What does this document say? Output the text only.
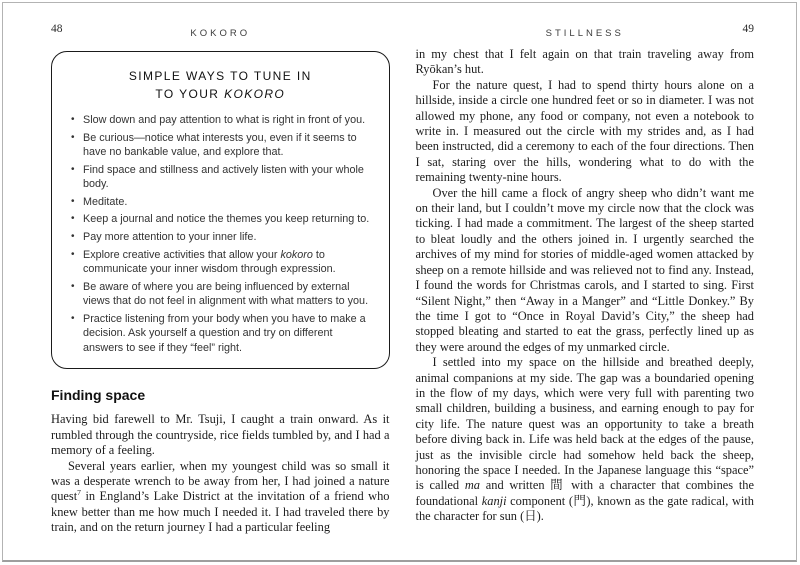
48	KOKORO
SIMPLE WAYS TO TUNE IN
TO YOUR KOKORO
• Slow down and pay attention to what is right in front of you.
• Be curious—notice what interests you, even if it seems to have no bankable value, and explore that.
• Find space and stillness and actively listen with your whole body.
• Meditate.
• Keep a journal and notice the themes you keep returning to.
• Pay more attention to your inner life.
• Explore creative activities that allow your kokoro to communicate your inner wisdom through expression.
• Be aware of where you are being influenced by external views that do not feel in alignment with what matters to you.
• Practice listening from your body when you have to make a decision. Ask yourself a question and try on different answers to see if they “feel” right.
Finding space

Having bid farewell to Mr. Tsuji, I caught a train onward. As it rumbled through the countryside, rice fields tumbled by, and I had a memory of a feeling.

Several years earlier, when my youngest child was so small it was a desperate wrench to be away from her, I had joined a nature quest$^7$ in England’s Lake District at the invitation of a friend who knew better than me how much I needed it. I had traveled there by train, and on the return journey I had a particular feeling

STILLNESS	49

in my chest that I felt again on that train traveling away from Ryōkan’s hut.

For the nature quest, I had to spend thirty hours alone on a hillside, inside a circle one hundred feet or so in diameter. I was not allowed my phone, any food or company, not even a notebook to write in. I measured out the circle with my strides and, as I had been instructed, did a ceremony to each of the four directions. Then I sat, staring over the hills, wondering what to do with the remaining twenty-nine hours.

Over the hill came a flock of angry sheep who didn’t want me on their land, but I couldn’t move my circle now that the clock was ticking. I had made a commitment. The largest of the sheep started to bleat loudly and the others joined in. I urgently searched the archives of my mind for stories of middle-aged women attacked by sheep on a remote hillside and was relieved not to find any. Instead, I found the words for Christmas carols, and I started to sing. First “Silent Night,” then “Away in a Manger” and “Little Donkey.” By the time I got to “Once in Royal David’s City,” the sheep had stopped bleating and started to eat the grass, perfectly lined up as they were around the edges of my unmarked circle.

I settled into my space on the hillside and breathed deeply, animal companions at my side. The gap was a boundaried opening in the flow of my days, which were very full with parenting two small children, building a business, and earning enough to pay for city life. The nature quest was an opportunity to take a breath before diving back in. Life was held back at the edges of the pause, just as the invisible circle had somehow held back the sheep, honoring the space I needed. In the Japanese language this “space” is called ma and written 間 with a character that combines the foundational kanji component (門), known as the gate radical, with the character for sun (日).
